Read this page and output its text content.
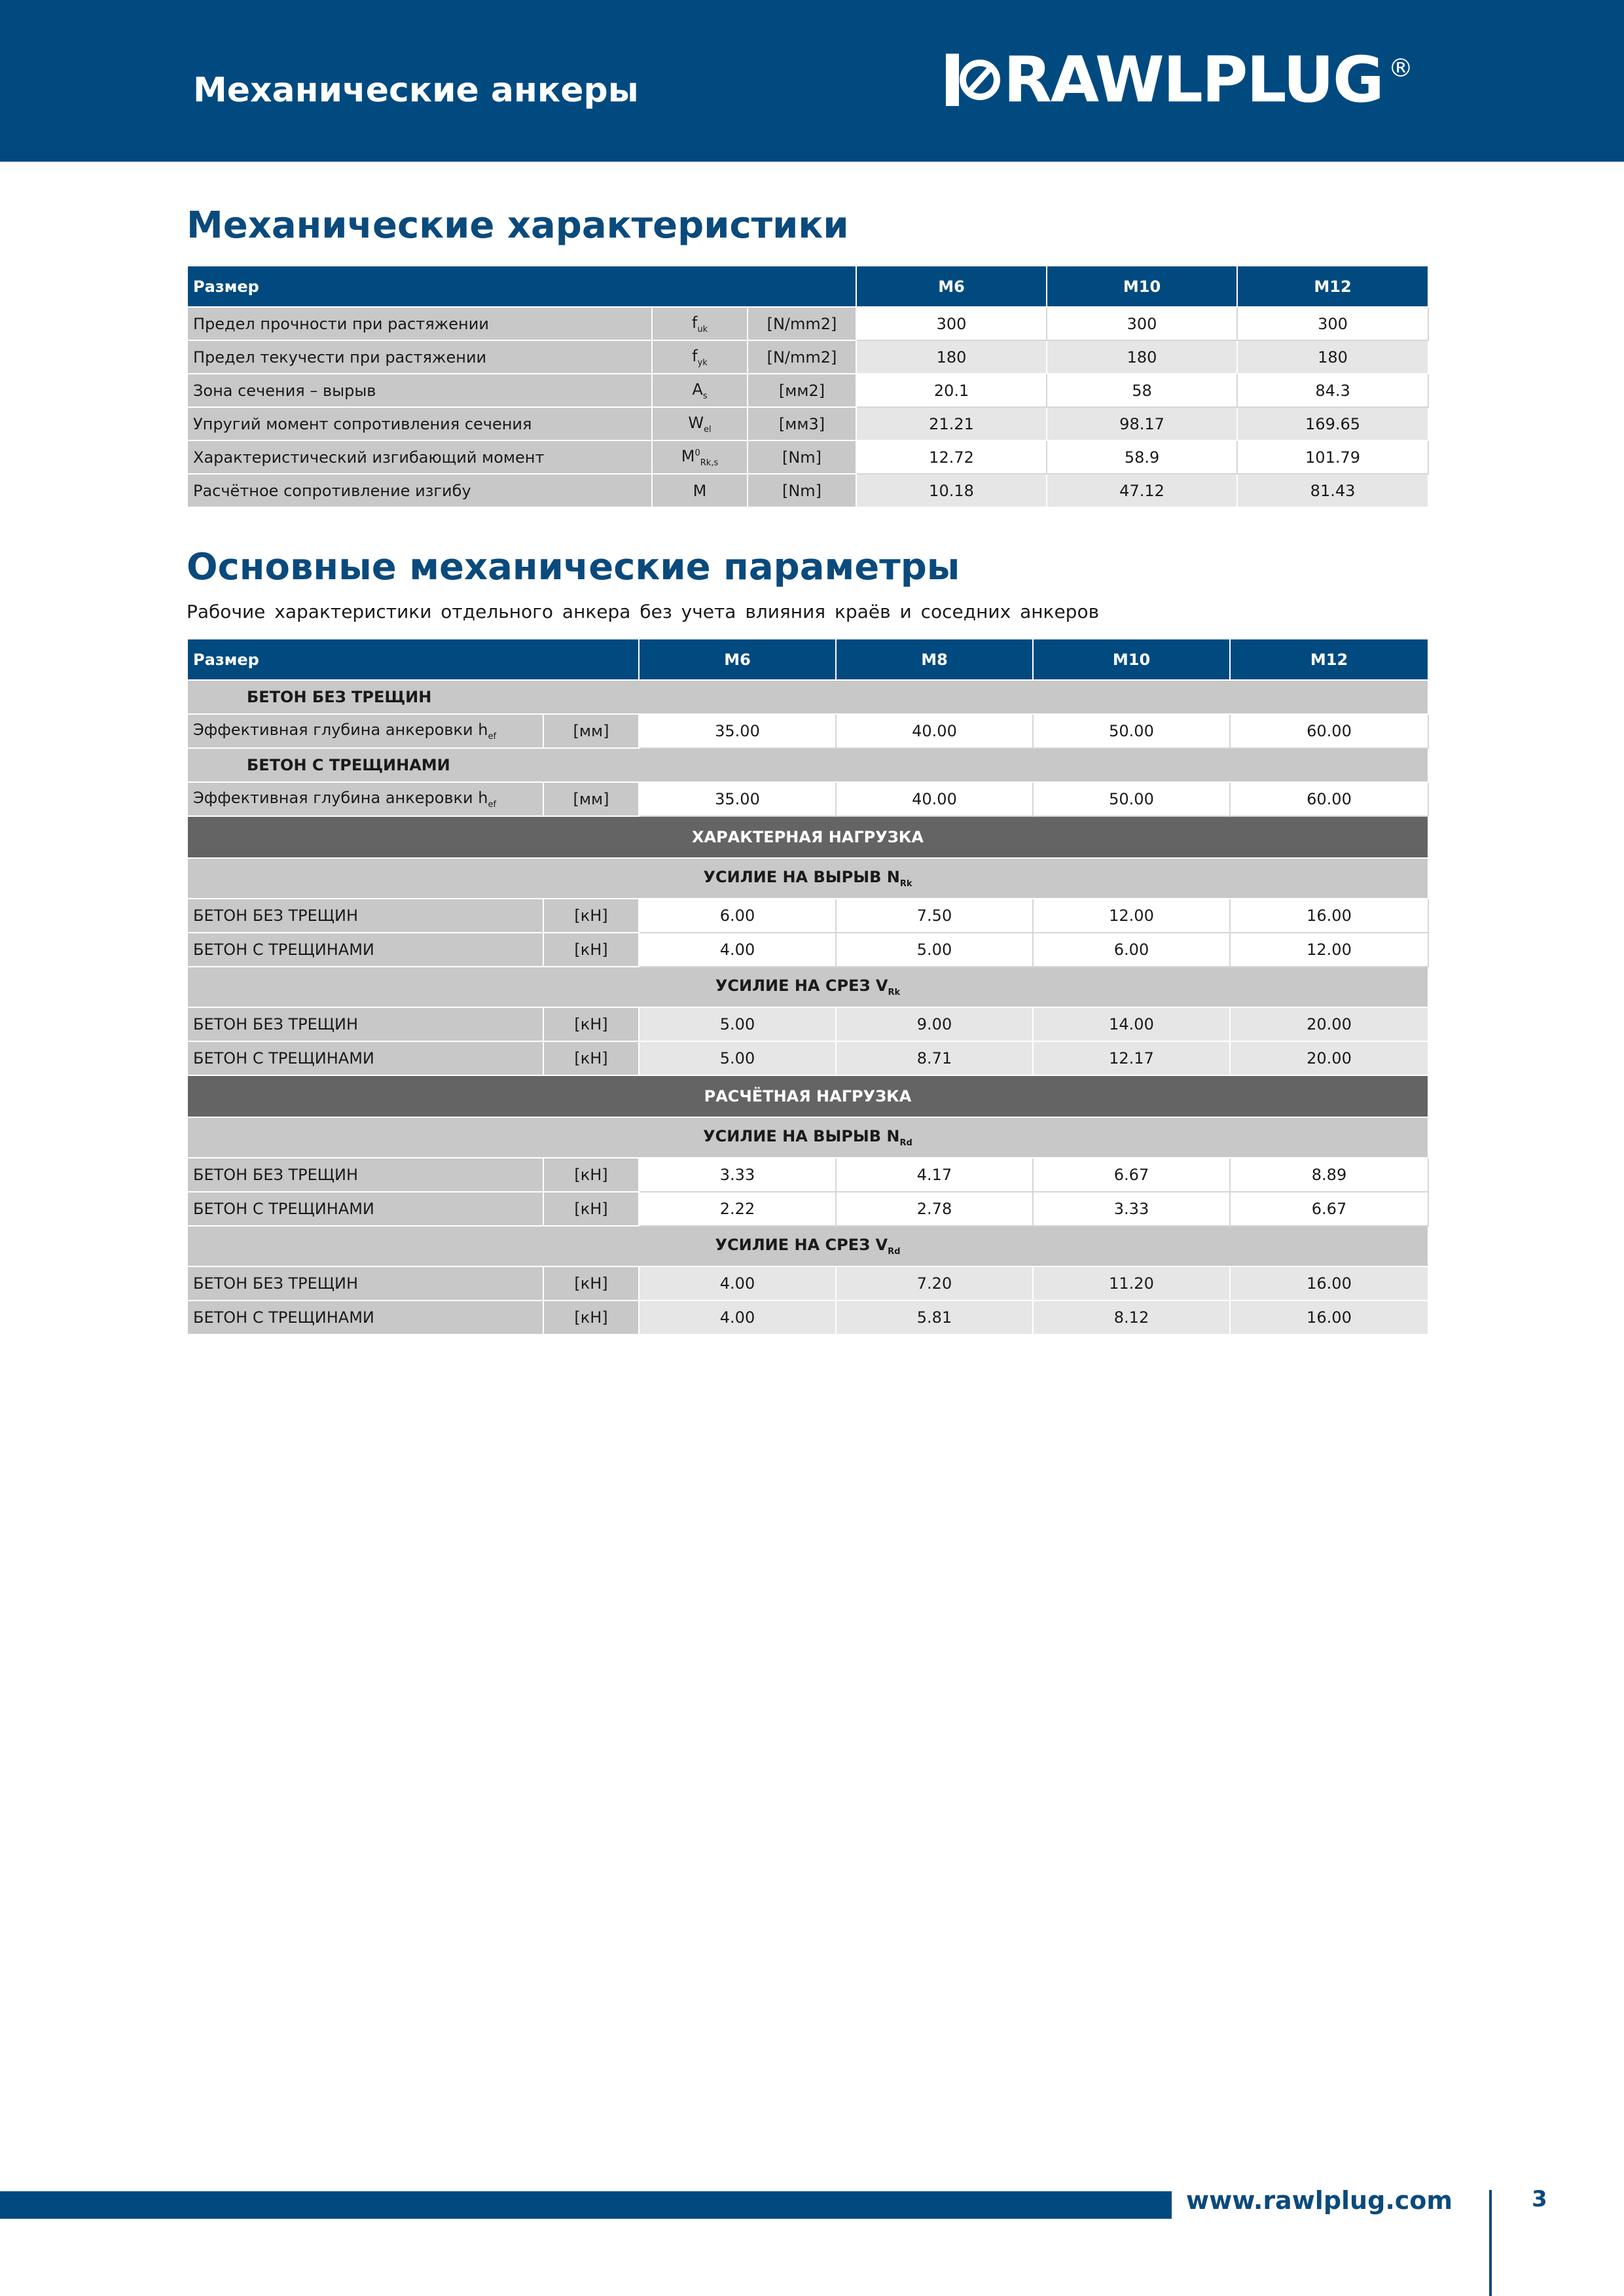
Механические анкеры	RAWLPLUG ®
Механические характеристики
Размер			M6	M10	M12
Предел прочности при растяжении	$f_{uk}$	[N/mm2]	300	300	300
Предел текучести при растяжении	$f_{yk}$	[N/mm2]	180	180	180
Зона сечения – вырыв	$A_s$	[мм2]	20.1	58	84.3
Упругий момент сопротивления сечения	$W_{el}$	[мм3]	21.21	98.17	169.65
Характеристический изгибающий момент	$M^0_{Rk,s}$	[Nm]	12.72	58.9	101.79
Расчётное сопротивление изгибу	M	[Nm]	10.18	47.12	81.43
Основные механические параметры
Рабочие характеристики отдельного анкера без учета влияния краёв и соседних анкеров
Размер		M6	M8	M10	M12
БЕТОН БЕЗ ТРЕЩИН					
Эффективная глубина анкеровки $h_{ef}$	[мм]	35.00	40.00	50.00	60.00
БЕТОН С ТРЕЩИНАМИ					
Эффективная глубина анкеровки $h_{ef}$	[мм]	35.00	40.00	50.00	60.00
ХАРАКТЕРНАЯ НАГРУЗКА					
УСИЛИЕ НА ВЫРЫВ $N_{Rk}$
БЕТОН БЕЗ ТРЕЩИН	[кН]	6.00	7.50	12.00	16.00
БЕТОН С ТРЕЩИНАМИ	[кН]	4.00	5.00	6.00	12.00
УСИЛИЕ НА СРЕЗ $V_{Rk}$
БЕТОН БЕЗ ТРЕЩИН	[кН]	5.00	9.00	14.00	20.00
БЕТОН С ТРЕЩИНАМИ	[кН]	5.00	8.71	12.17	20.00
РАСЧЁТНАЯ НАГРУЗКА					
УСИЛИЕ НА ВЫРЫВ $N_{Rd}$
БЕТОН БЕЗ ТРЕЩИН	[кН]	3.33	4.17	6.67	8.89
БЕТОН С ТРЕЩИНАМИ	[кН]	2.22	2.78	3.33	6.67
УСИЛИЕ НА СРЕЗ $V_{Rd}$
БЕТОН БЕЗ ТРЕЩИН	[кН]	4.00	7.20	11.20	16.00
БЕТОН С ТРЕЩИНАМИ	[кН]	4.00	5.81	8.12	16.00
www.rawlplug.com	3
